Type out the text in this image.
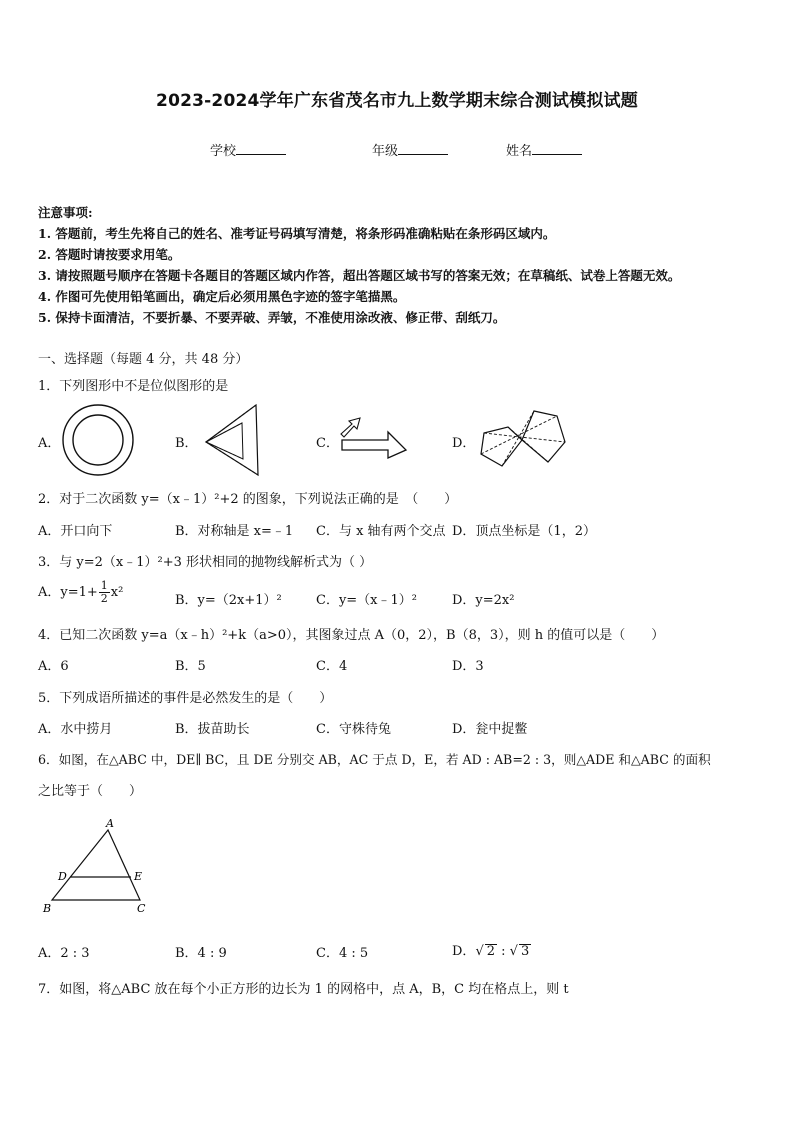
2023-2024学年广东省茂名市九上数学期末综合测试模拟试题
学校	年级	姓名
注意事项:
1. 答题前，考生先将自己的姓名、准考证号码填写清楚，将条形码准确粘贴在条形码区域内。
2. 答题时请按要求用笔。
3. 请按照题号顺序在答题卡各题目的答题区域内作答，超出答题区域书写的答案无效；在草稿纸、试卷上答题无效。
4. 作图可先使用铅笔画出，确定后必须用黑色字迹的签字笔描黑。
5. 保持卡面清洁，不要折暴、不要弄破、弄皱，不准使用涂改液、修正带、刮纸刀。
一、选择题（每题 4 分，共 48 分）
1．下列图形中不是位似图形的是
A．	B．	C．	D．
2．对于二次函数 y=（x﹣1）²+2 的图象，下列说法正确的是　（　　）
A．开口向下	B．对称轴是 x=﹣1 C．与 x 轴有两个交点 D．顶点坐标是（1，2）
3．与 y=2（x﹣1）²+3 形状相同的抛物线解析式为（ ）
A．$y=1+ \frac{1}{2} x^2$
B．y=（2x+1）²	C．y=（x﹣1）²	D．y=2x²
4．已知二次函数 y=a（x﹣h）²+k（a>0），其图象过点 A（0，2），B（8，3），则 h 的值可以是（　　）
A．6	B．5	C．4	D．3
5．下列成语所描述的事件是必然发生的是（　　）
A．水中捞月	B．拔苗助长	C．守株待兔	D．瓮中捉鳖
6．如图，在△ABC 中，DE∥ BC，且 DE 分别交 AB，AC 于点 D，E，若 AD : AB=2 : 3，则△ADE 和△ABC 的面积
之比等于（　　）
A
D	E
B	C
A．2 : 3	B．4 : 9	C．4 : 5	D．√ 2 : √ 3
7．如图，将△ABC 放在每个小正方形的边长为 1 的网格中，点 A，B，C 均在格点上，则 t
